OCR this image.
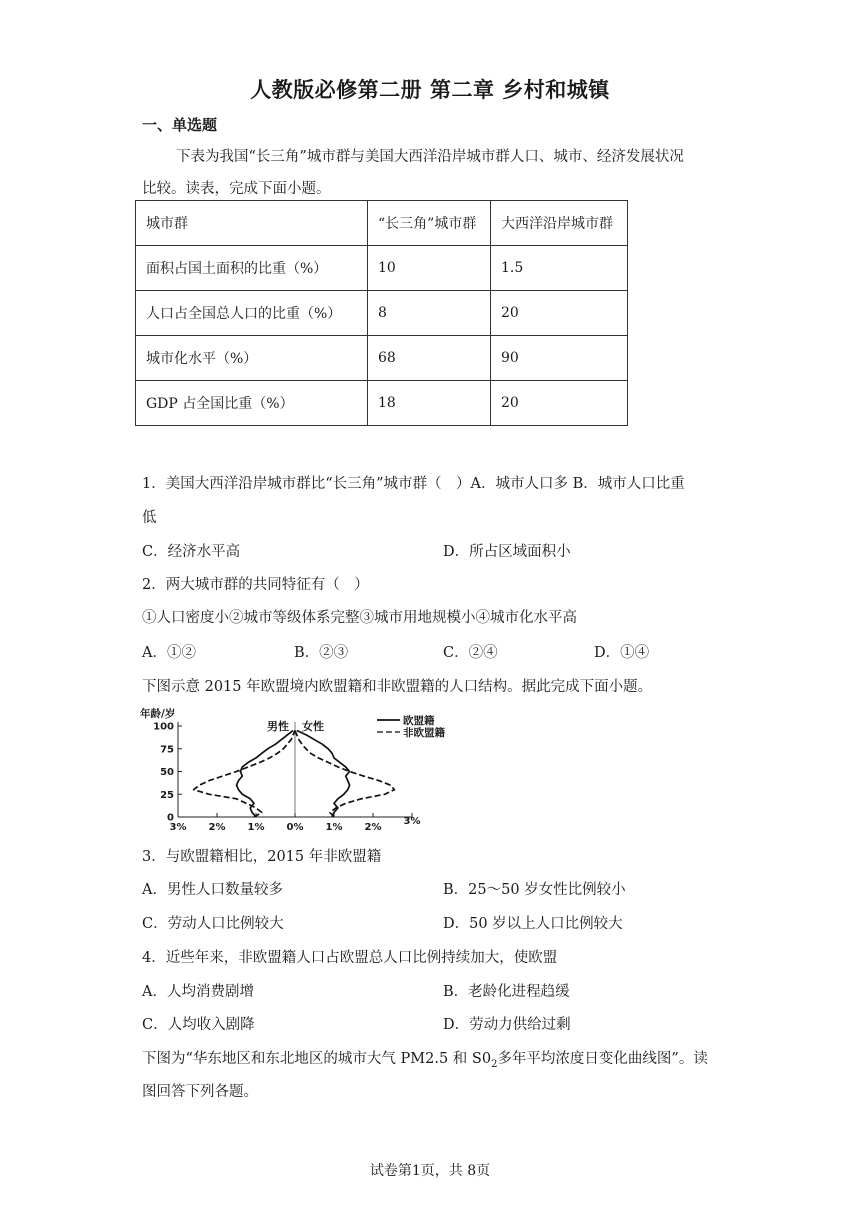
人教版必修第二册 第二章 乡村和城镇
一、单选题
下表为我国“长三角”城市群与美国大西洋沿岸城市群人口、城市、经济发展状况
比较。读表，完成下面小题。
城市群	“长三角”城市群	大西洋沿岸城市群
面积占国土面积的比重（%）	10	1.5
人口占全国总人口的比重（%）	8	20
城市化水平（%）	68	90
GDP 占全国比重（%）	18	20
1．美国大西洋沿岸城市群比“长三角”城市群（　）A．城市人口多 B．城市人口比重
低
C．经济水平高	D．所占区域面积小
2．两大城市群的共同特征有（　）
①人口密度小②城市等级体系完整③城市用地规模小④城市化水平高
A．①②	B．②③	C．②④	D．①④
下图示意 2015 年欧盟境内欧盟籍和非欧盟籍的人口结构。据此完成下面小题。
100
75
50
25
0
3% 2% 1% 0% 1% 2%
3%
年龄/岁
男性 女性	欧盟籍
非欧盟籍
3．与欧盟籍相比，2015 年非欧盟籍
A．男性人口数量较多	B．25～50 岁女性比例较小
C．劳动人口比例较大	D．50 岁以上人口比例较大
4．近些年来，非欧盟籍人口占欧盟总人口比例持续加大，使欧盟
A．人均消费剧增	B．老龄化进程趋缓
C．人均收入剧降	D．劳动力供给过剩
下图为“华东地区和东北地区的城市大气 PM2.5 和 $S0_2$多年平均浓度日变化曲线图”。读
图回答下列各题。
试卷第1页，共 8页
